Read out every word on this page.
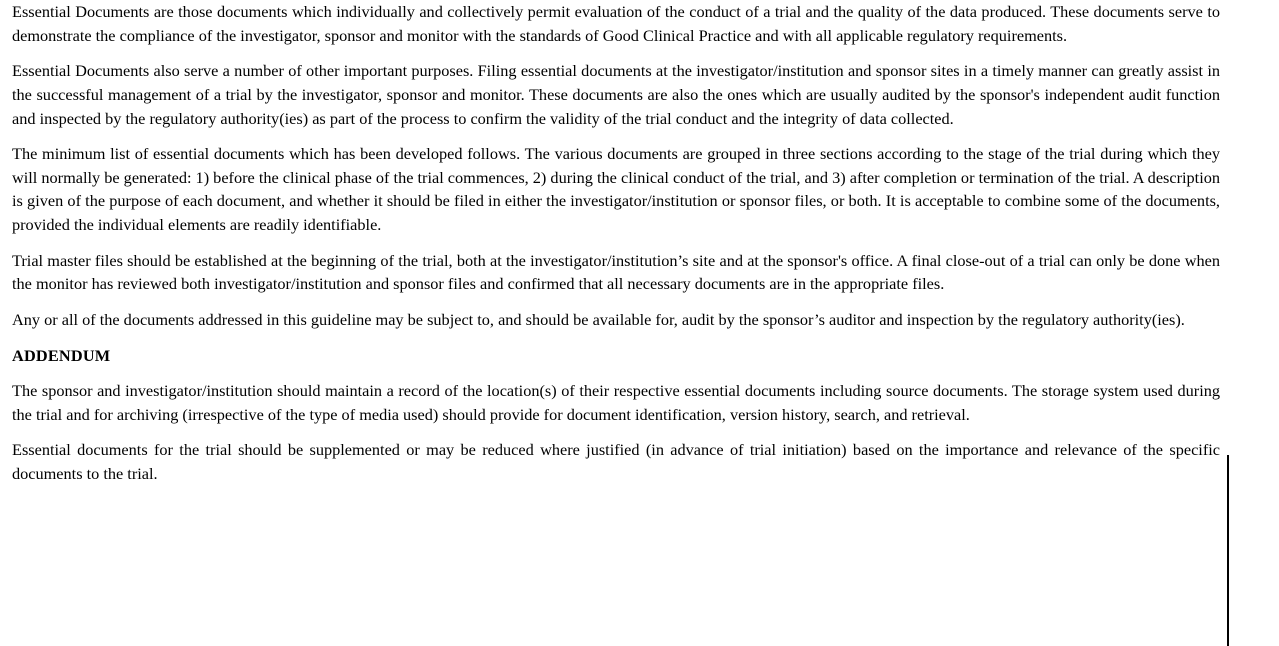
Essential Documents are those documents which individually and collectively permit evaluation of the conduct of a trial and the quality of the data produced. These documents serve to demonstrate the compliance of the investigator, sponsor and monitor with the standards of Good Clinical Practice and with all applicable regulatory requirements.

Essential Documents also serve a number of other important purposes. Filing essential documents at the investigator/institution and sponsor sites in a timely manner can greatly assist in the successful management of a trial by the investigator, sponsor and monitor. These documents are also the ones which are usually audited by the sponsor's independent audit function and inspected by the regulatory authority(ies) as part of the process to confirm the validity of the trial conduct and the integrity of data collected.

The minimum list of essential documents which has been developed follows. The various documents are grouped in three sections according to the stage of the trial during which they will normally be generated: 1) before the clinical phase of the trial commences, 2) during the clinical conduct of the trial, and 3) after completion or termination of the trial. A description is given of the purpose of each document, and whether it should be filed in either the investigator/institution or sponsor files, or both. It is acceptable to combine some of the documents, provided the individual elements are readily identifiable.

Trial master files should be established at the beginning of the trial, both at the investigator/institution’s site and at the sponsor's office. A final close-out of a trial can only be done when the monitor has reviewed both investigator/institution and sponsor files and confirmed that all necessary documents are in the appropriate files.

Any or all of the documents addressed in this guideline may be subject to, and should be available for, audit by the sponsor’s auditor and inspection by the regulatory authority(ies).

ADDENDUM

The sponsor and investigator/institution should maintain a record of the location(s) of their respective essential documents including source documents. The storage system used during the trial and for archiving (irrespective of the type of media used) should provide for document identification, version history, search, and retrieval.

Essential documents for the trial should be supplemented or may be reduced where justified (in advance of trial initiation) based on the importance and relevance of the specific documents to the trial.
